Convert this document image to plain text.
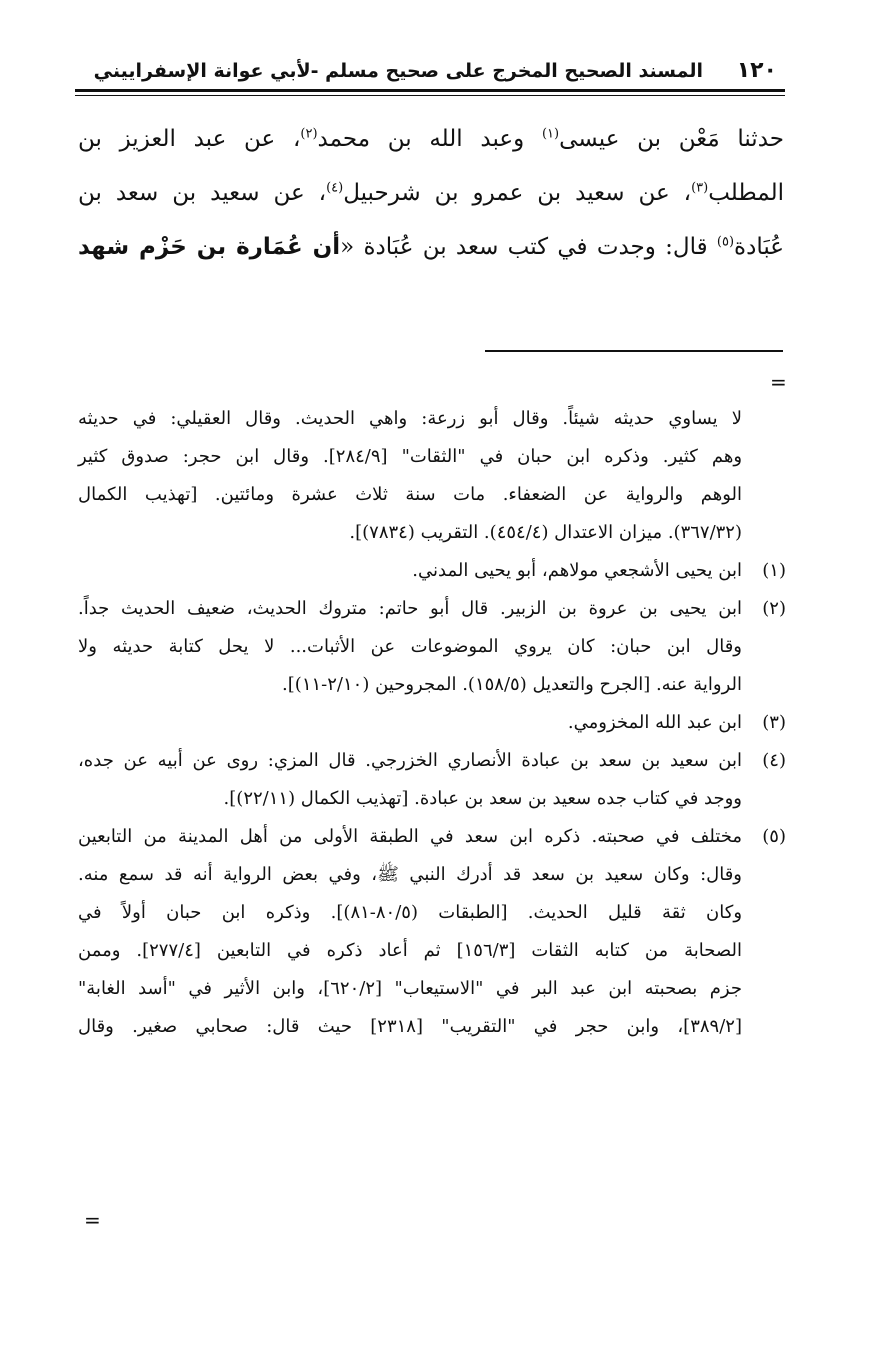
١٢٠
المسند الصحيح المخرج على صحيح مسلم -لأبي عوانة الإسفراييني
حدثنا مَعْن بن عيسى$^{(١)}$ وعبد الله بن محمد$^{(٢)}$، عن عبد العزيز بن
المطلب$^{(٣)}$، عن سعيد بن عمرو بن شرحبيل$^{(٤)}$، عن سعيد بن سعد بن
عُبَادة$^{(٥)}$ قال: وجدت في كتب سعد بن عُبَادة «أن عُمَارة بن حَزْم شهد
=
لا يساوي حديثه شيئاً. وقال أبو زرعة: واهي الحديث. وقال العقيلي: في حديثه
وهم كثير. وذكره ابن حبان في "الثقات" [٢٨٤/٩]. وقال ابن حجر: صدوق كثير
الوهم والرواية عن الضعفاء. مات سنة ثلاث عشرة ومائتين. [تهذيب الكمال
(٣٦٧/٣٢). ميزان الاعتدال (٤٥٤/٤). التقريب (٧٨٣٤)].
(١)
ابن يحيى الأشجعي مولاهم، أبو يحيى المدني.
(٢)
ابن يحيى بن عروة بن الزبير. قال أبو حاتم: متروك الحديث، ضعيف الحديث جداً.
وقال ابن حبان: كان يروي الموضوعات عن الأثبات... لا يحل كتابة حديثه ولا
الرواية عنه. [الجرح والتعديل (١٥٨/٥). المجروحين (٢/١٠-١١)].
(٣)
ابن عبد الله المخزومي.
(٤)
ابن سعيد بن سعد بن عبادة الأنصاري الخزرجي. قال المزي: روى عن أبيه عن جده،
ووجد في كتاب جده سعيد بن سعد بن عبادة. [تهذيب الكمال (٢٢/١١)].
(٥)
مختلف في صحبته. ذكره ابن سعد في الطبقة الأولى من أهل المدينة من التابعين
وقال: وكان سعيد بن سعد قد أدرك النبي ﷺ، وفي بعض الرواية أنه قد سمع منه.
وكان ثقة قليل الحديث. [الطبقات (٨٠/٥-٨١)]. وذكره ابن حبان أولاً في
الصحابة من كتابه الثقات [١٥٦/٣] ثم أعاد ذكره في التابعين [٢٧٧/٤]. وممن
جزم بصحبته ابن عبد البر في "الاستيعاب" [٦٢٠/٢]، وابن الأثير في "أسد الغابة"
[٣٨٩/٢]، وابن حجر في "التقريب" [٢٣١٨] حيث قال: صحابي صغير. وقال
=
